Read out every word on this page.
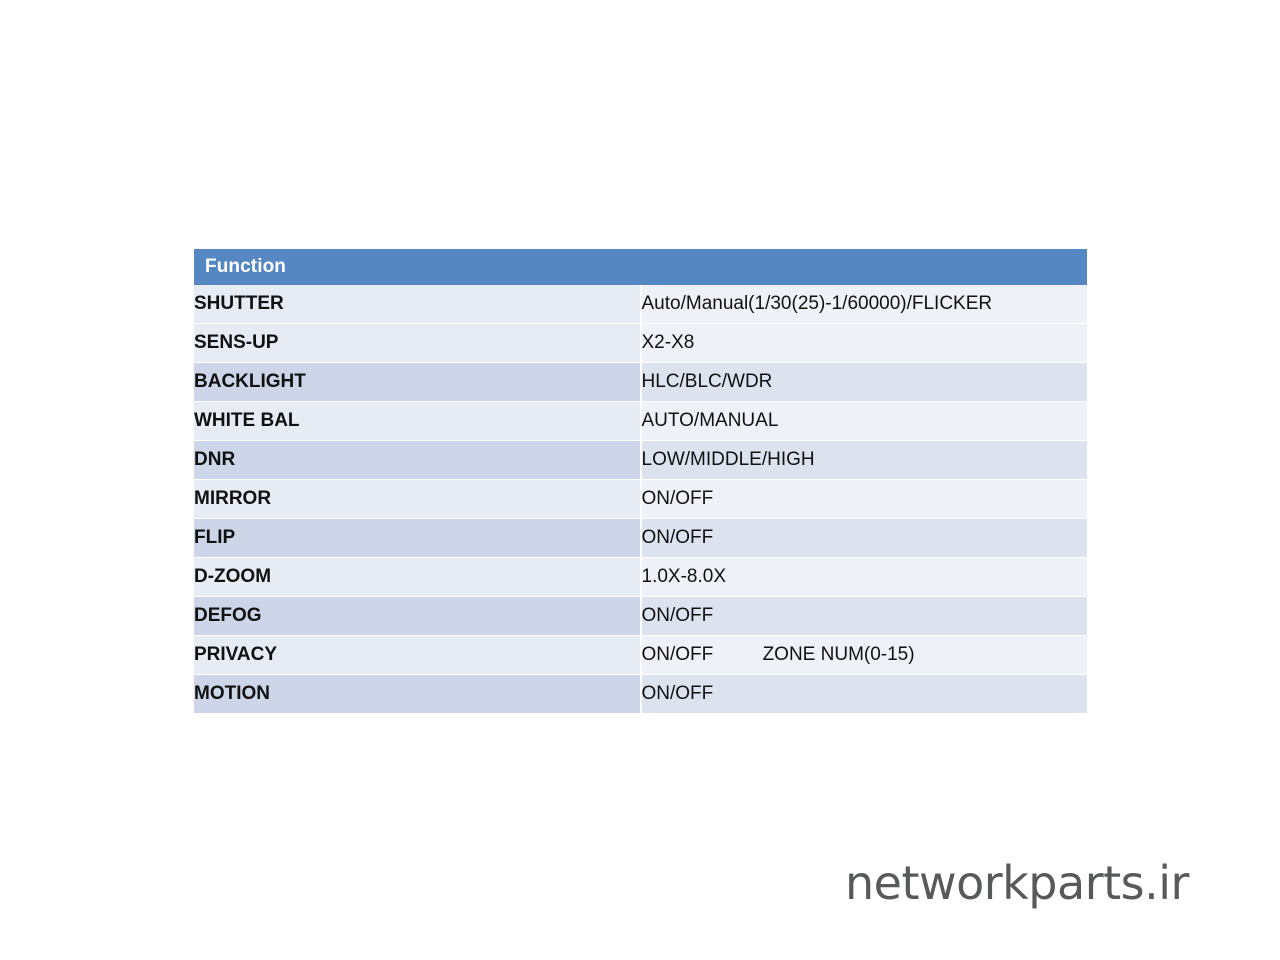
Function	
SHUTTER	Auto/Manual(1/30(25)-1/60000)/FLICKER
SENS-UP	X2-X8
BACKLIGHT	HLC/BLC/WDR
WHITE BAL	AUTO/MANUAL
DNR	LOW/MIDDLE/HIGH
MIRROR	ON/OFF
FLIP	ON/OFF
D-ZOOM	1.0X-8.0X
DEFOG	ON/OFF
PRIVACY	ON/OFF ZONE NUM(0-15)
MOTION	ON/OFF
networkparts.ir
